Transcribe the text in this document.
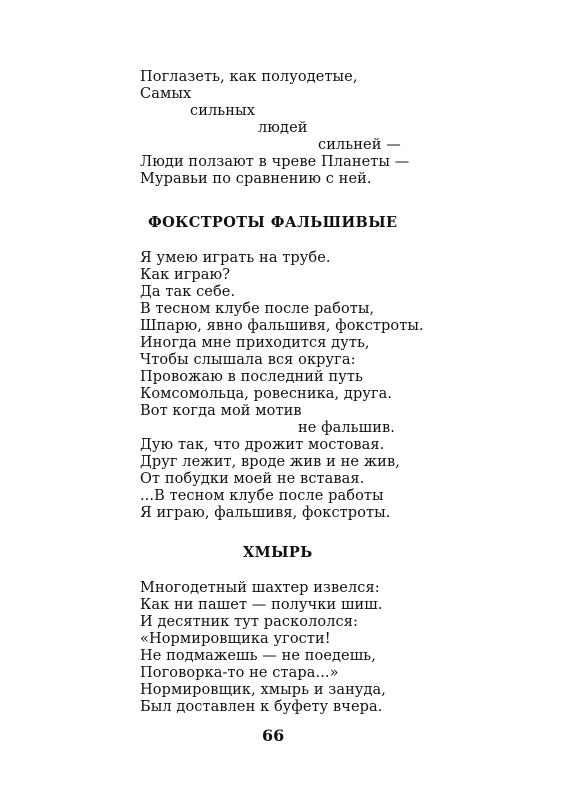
Поглазеть, как полуодетые,
Самых
сильных
людей
сильней —
Люди ползают в чреве Планеты —
Муравьи по сравнению с ней.
ФОКСТРОТЫ ФАЛЬШИВЫЕ
Я умею играть на трубе.
Как играю?
Да так себе.
В тесном клубе после работы,
Шпарю, явно фальшивя, фокстроты.
Иногда мне приходится дуть,
Чтобы слышала вся округа:
Провожаю в последний путь
Комсомольца, ровесника, друга.
Вот когда мой мотив
не фальшив.
Дую так, что дрожит мостовая.
Друг лежит, вроде жив и не жив,
От побудки моей не вставая.
...В тесном клубе после работы
Я играю, фальшивя, фокстроты.
ХМЫРЬ
Многодетный шахтер извелся:
Как ни пашет — получки шиш.
И десятник тут раскололся:
«Нормировщика угости!
Не подмажешь — не поедешь,
Поговорка-то не стара...»
Нормировщик, хмырь и зануда,
Был доставлен к буфету вчера.
66
